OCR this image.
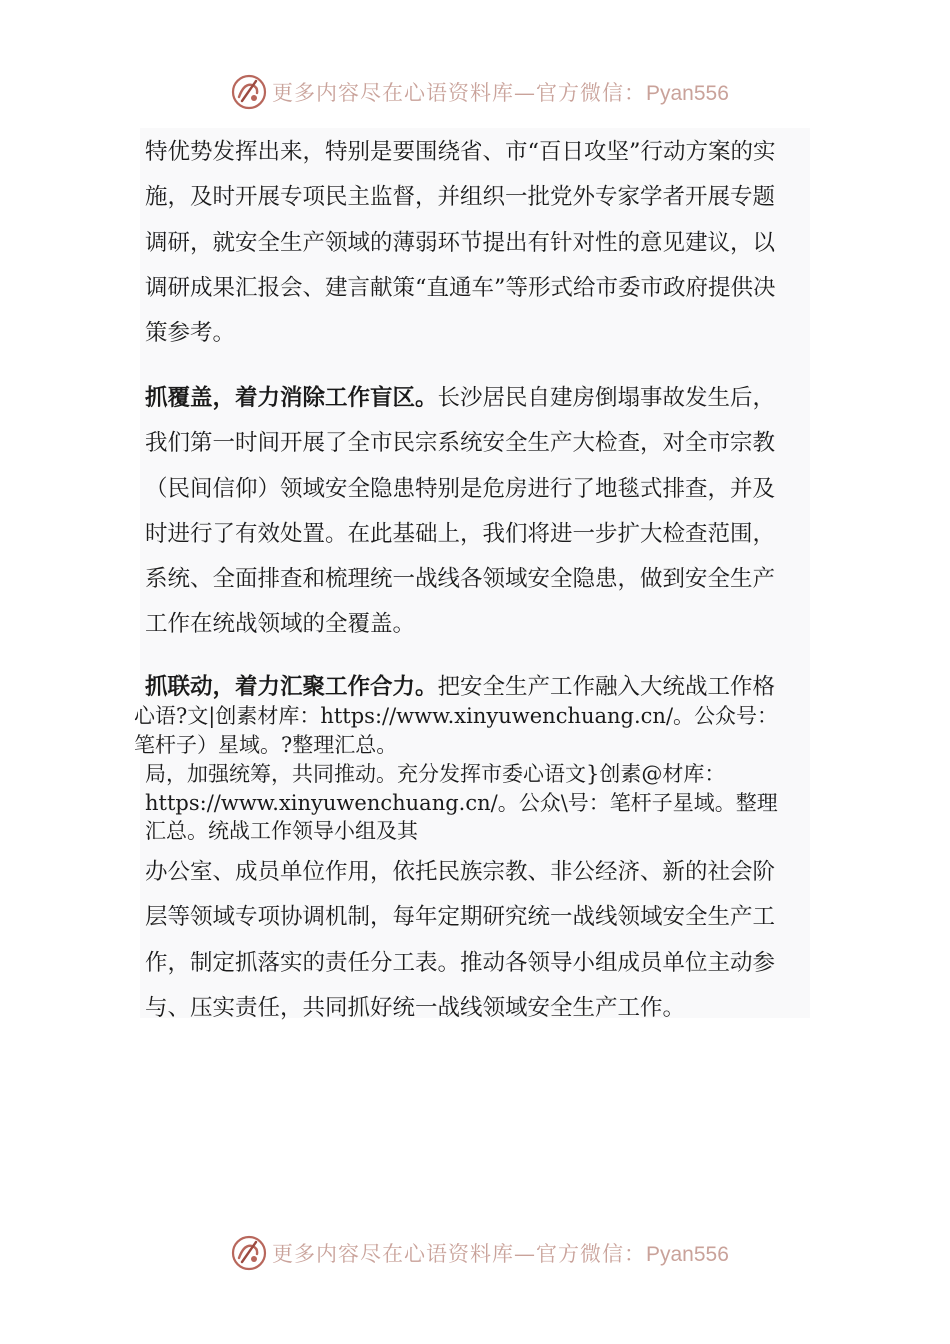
更多内容尽在心语资料库—官方微信：Pyan556
特优势发挥出来，特别是要围绕省、市“百日攻坚”行动方案的实
施，及时开展专项民主监督，并组织一批党外专家学者开展专题
调研，就安全生产领域的薄弱环节提出有针对性的意见建议，以
调研成果汇报会、建言献策“直通车”等形式给市委市政府提供决
策参考。
抓覆盖，着力消除工作盲区。长沙居民自建房倒塌事故发生后，
我们第一时间开展了全市民宗系统安全生产大检查，对全市宗教
（民间信仰）领域安全隐患特别是危房进行了地毯式排查，并及
时进行了有效处置。在此基础上，我们将进一步扩大检查范围，
系统、全面排查和梳理统一战线各领域安全隐患，做到安全生产
工作在统战领域的全覆盖。
抓联动，着力汇聚工作合力。把安全生产工作融入大统战工作格
心语?文|创素材库：https://www.xinyuwenchuang.cn/。公众号：
笔杆子）星域。?整理汇总。
局，加强统筹，共同推动。充分发挥市委心语文}创素@材库：
https://www.xinyuwenchuang.cn/。公众\号：笔杆子星域。整理
汇总。统战工作领导小组及其
办公室、成员单位作用，依托民族宗教、非公经济、新的社会阶
层等领域专项协调机制，每年定期研究统一战线领域安全生产工
作，制定抓落实的责任分工表。推动各领导小组成员单位主动参
与、压实责任，共同抓好统一战线领域安全生产工作。
更多内容尽在心语资料库—官方微信：Pyan556
